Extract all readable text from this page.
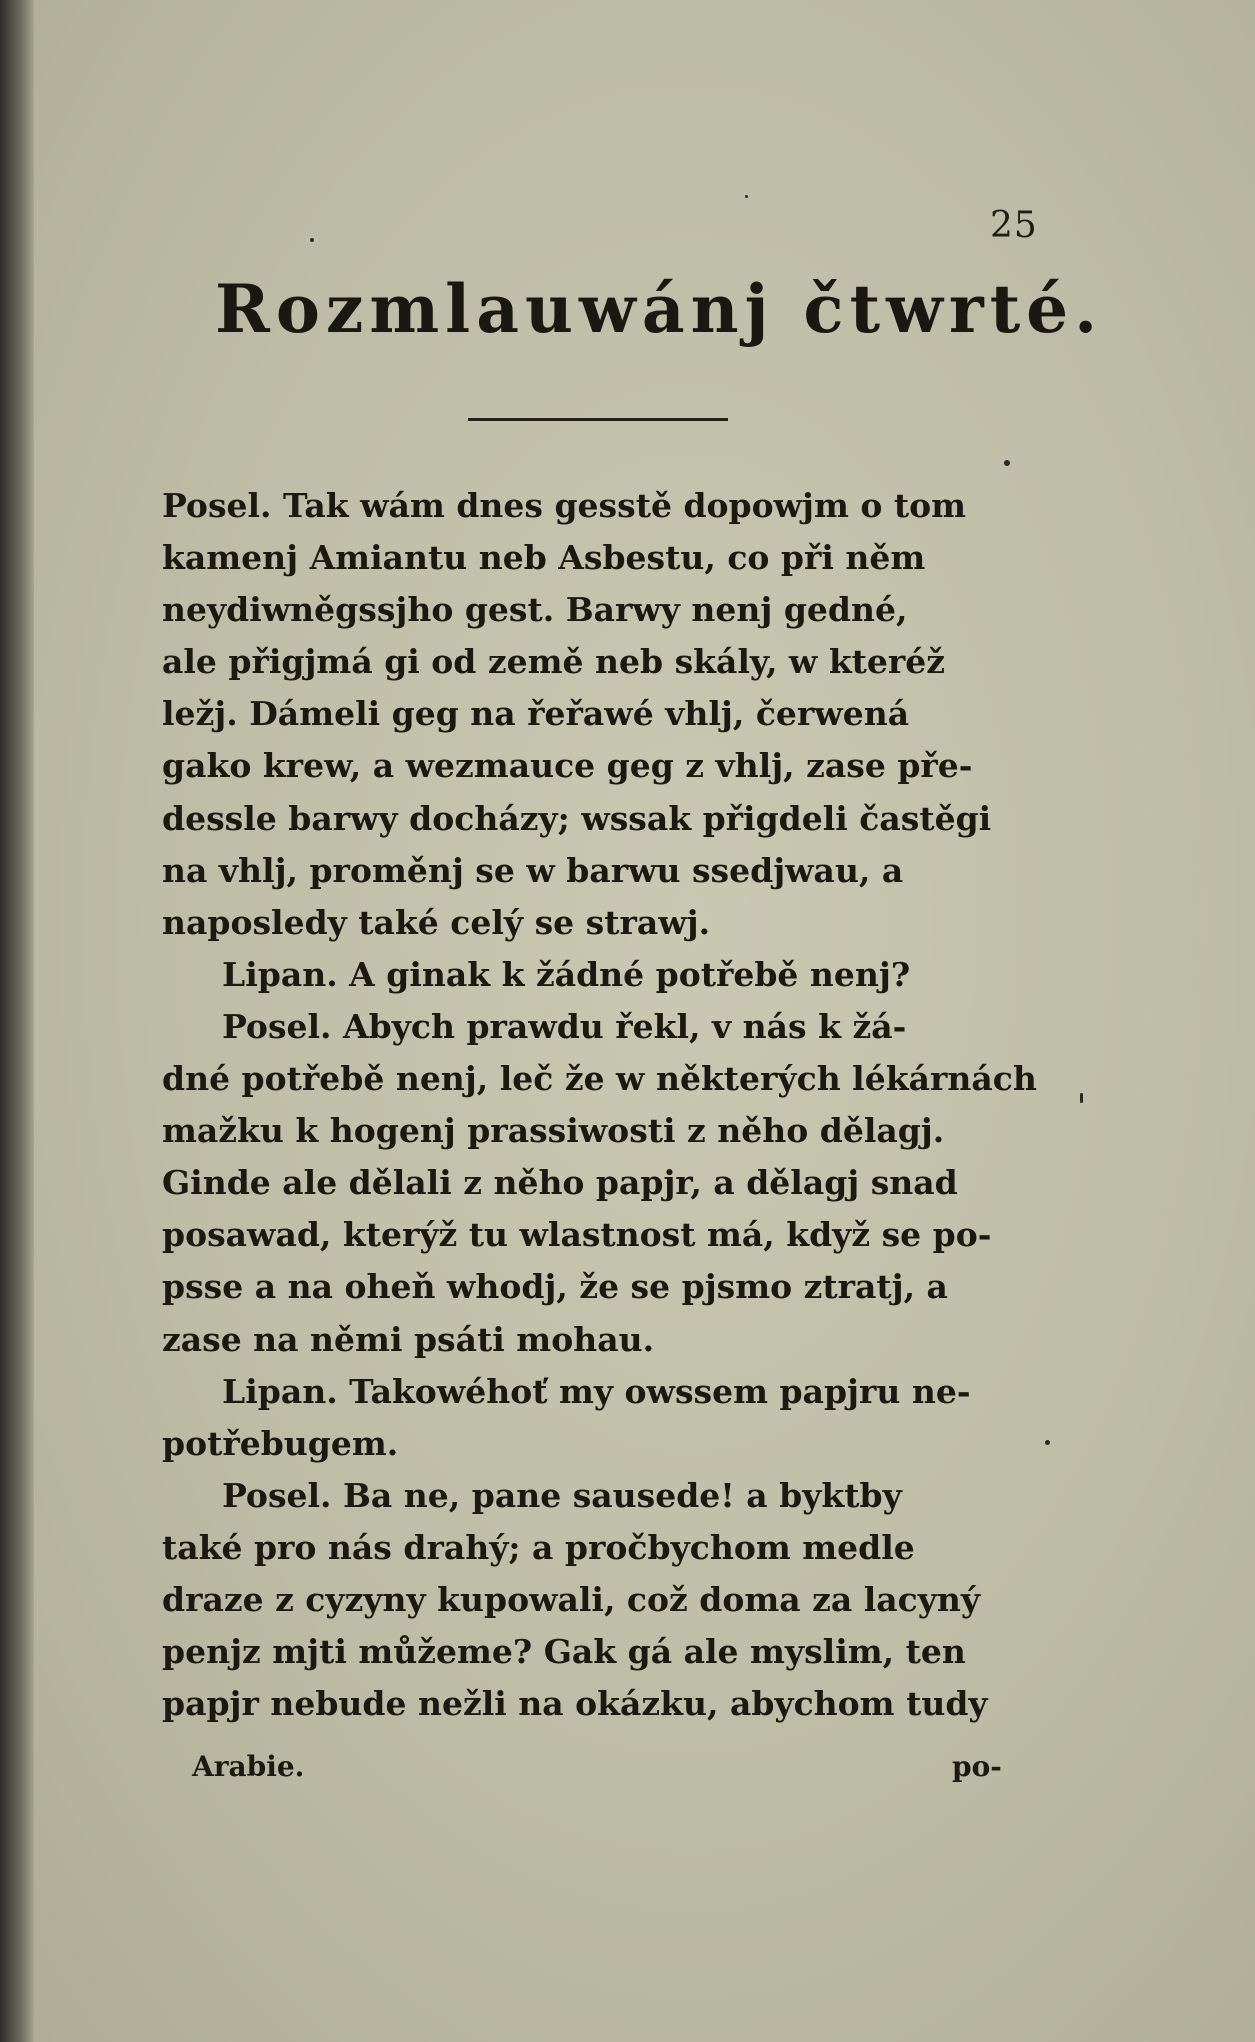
25
Rozmlauwánj čtwrté.
Posel. Tak wám dnes gesstě dopowjm o tom
kamenj Amiantu neb Asbestu, co při něm
neydiwněgssjho gest. Barwy nenj gedné,
ale přigjmá gi od země neb skály, w kteréž
ležj. Dámeli geg na řeřawé vhlj, čerwená
gako krew, a wezmauce geg z vhlj, zase pře-
dessle barwy docházy; wssak přigdeli častěgi
na vhlj, proměnj se w barwu ssedjwau, a
naposledy také celý se strawj.
Lipan. A ginak k žádné potřebě nenj?
Posel. Abych prawdu řekl, v nás k žá-
dné potřebě nenj, leč že w některých lékárnách
mažku k hogenj prassiwosti z něho dělagj.
Ginde ale dělali z něho papjr, a dělagj snad
posawad, kterýž tu wlastnost má, když se po-
psse a na oheň whodj, že se pjsmo ztratj, a
zase na němi psáti mohau.
Lipan. Takowéhoť my owssem papjru ne-
potřebugem.
Posel. Ba ne, pane sausede! a byktby
také pro nás drahý; a pročbychom medle
draze z cyzyny kupowali, což doma za lacyný
penjz mjti můžeme? Gak gá ale myslim, ten
papjr nebude nežli na okázku, abychom tudy
Arabie.	po-
